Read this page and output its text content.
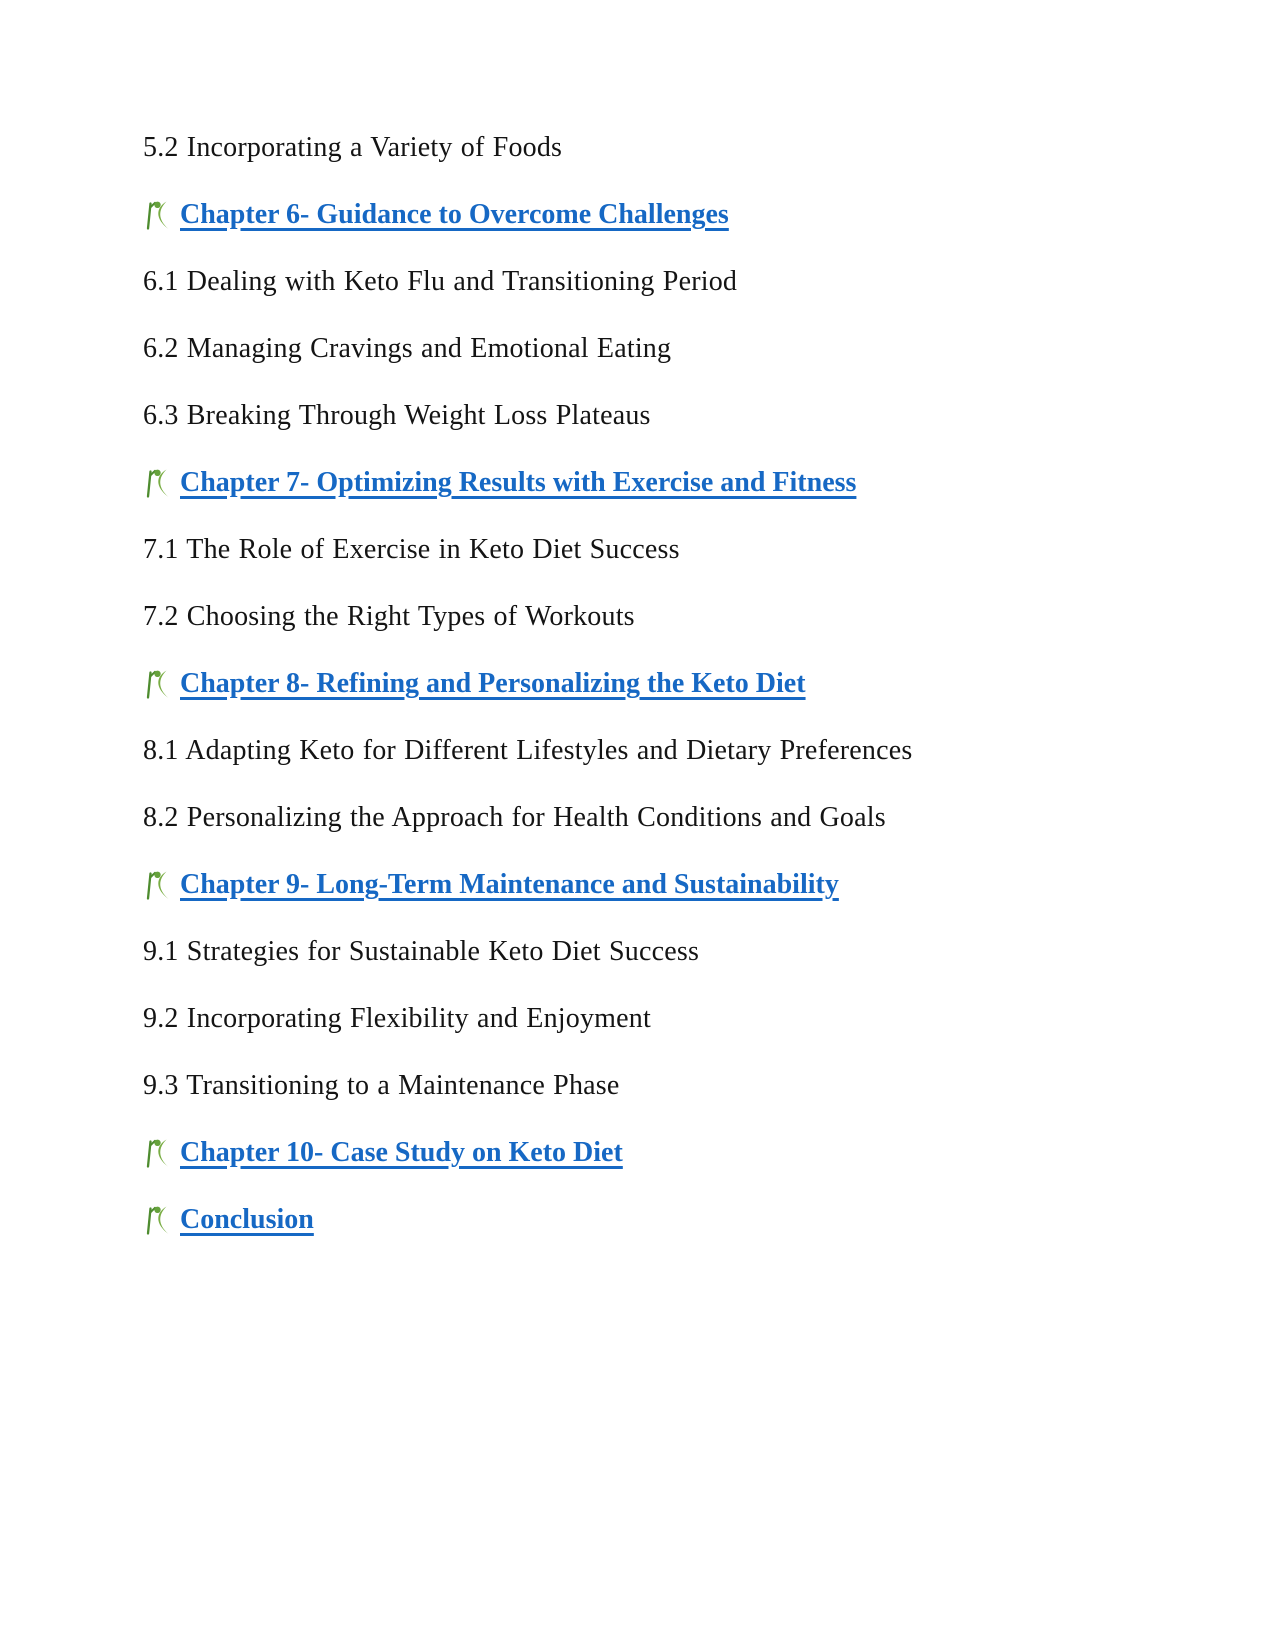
5.2 Incorporating a Variety of Foods
Chapter 6- Guidance to Overcome Challenges
6.1 Dealing with Keto Flu and Transitioning Period
6.2 Managing Cravings and Emotional Eating
6.3 Breaking Through Weight Loss Plateaus
Chapter 7- Optimizing Results with Exercise and Fitness
7.1 The Role of Exercise in Keto Diet Success
7.2 Choosing the Right Types of Workouts
Chapter 8- Refining and Personalizing the Keto Diet
8.1 Adapting Keto for Different Lifestyles and Dietary Preferences
8.2 Personalizing the Approach for Health Conditions and Goals
Chapter 9- Long-Term Maintenance and Sustainability
9.1 Strategies for Sustainable Keto Diet Success
9.2 Incorporating Flexibility and Enjoyment
9.3 Transitioning to a Maintenance Phase
Chapter 10- Case Study on Keto Diet
Conclusion
